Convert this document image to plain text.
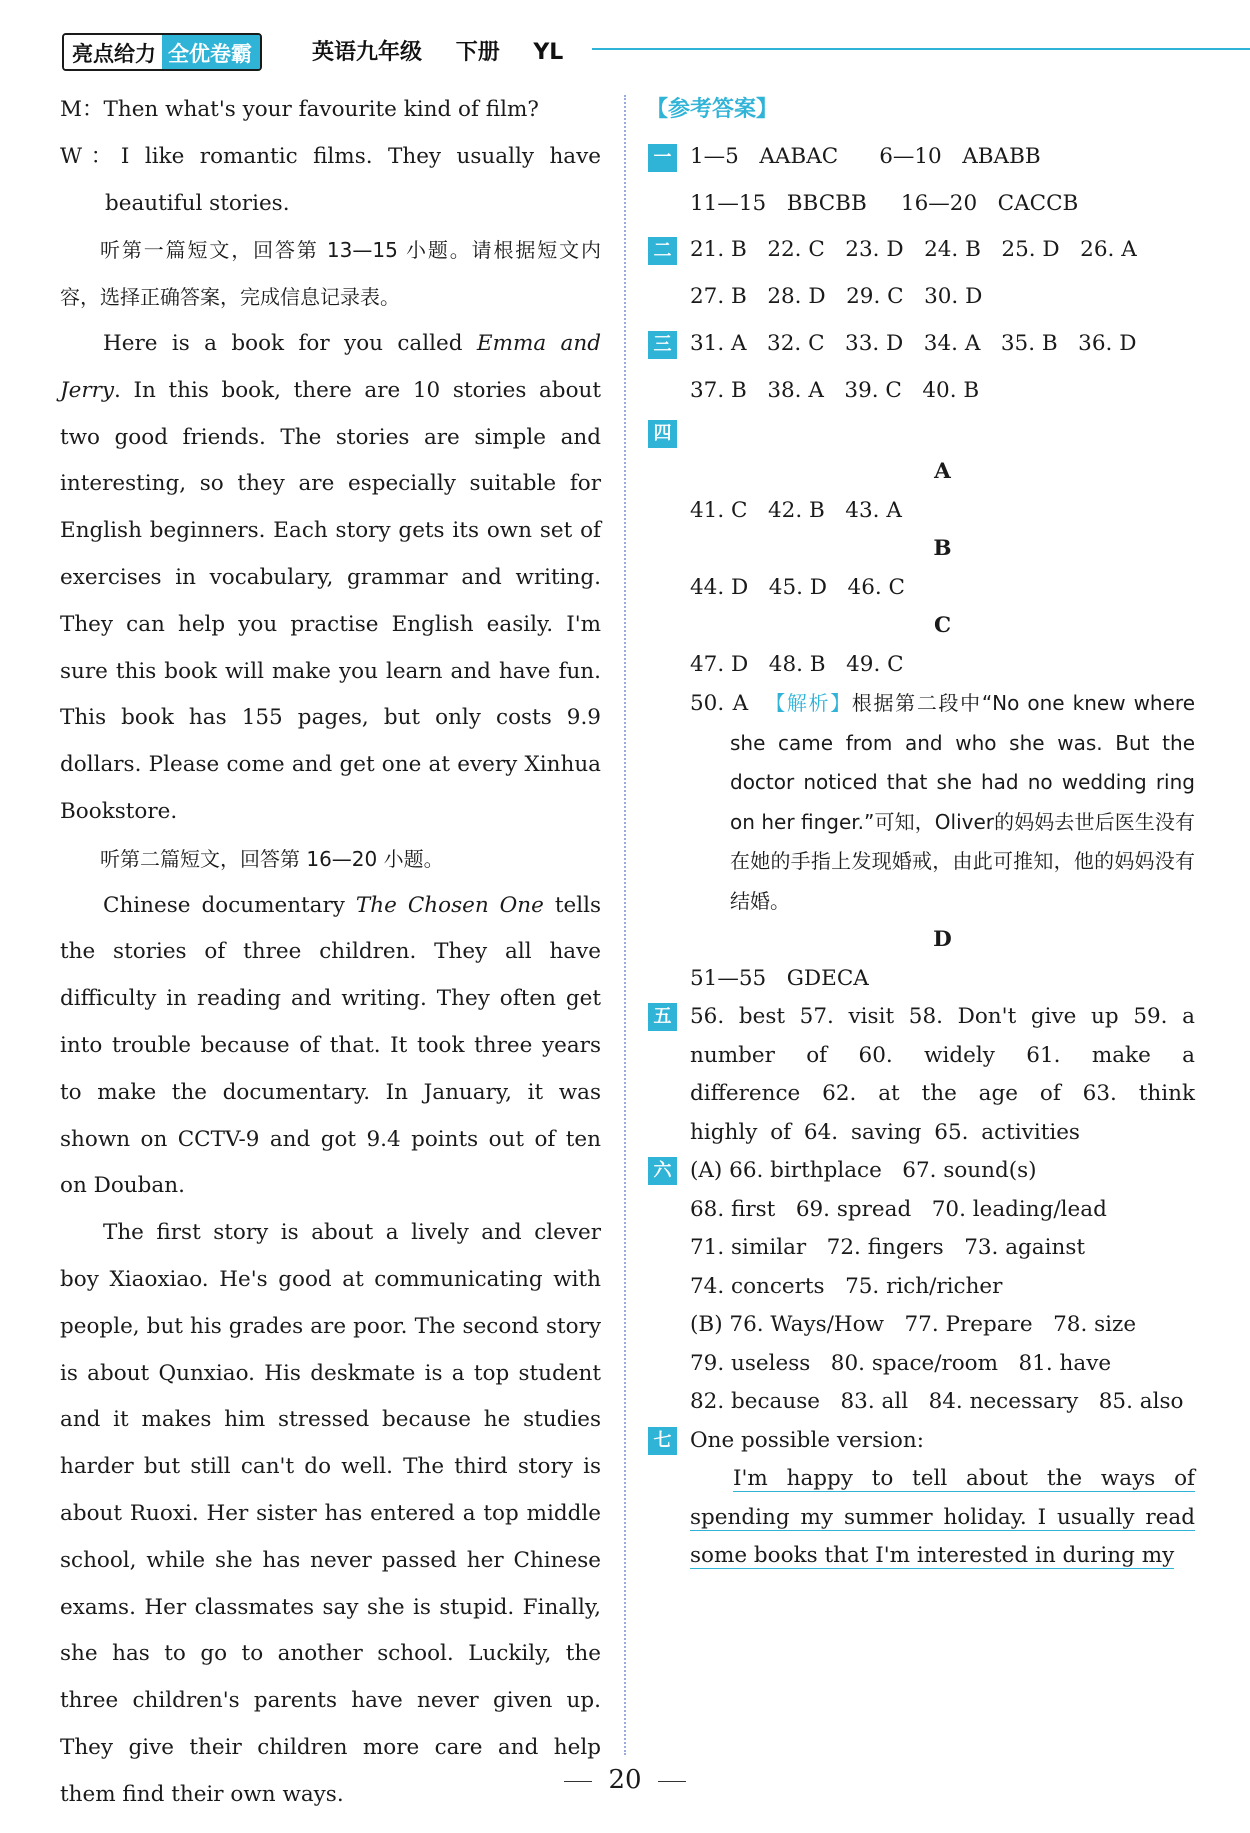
亮点给力 全优卷霸	英语九年级 下册 YL

M：Then what's your favourite kind of film?

W：I like romantic films. They usually have beautiful stories.

听第一篇短文，回答第 13—15 小题。请根据短文内容，选择正确答案，完成信息记录表。

Here is a book for you called Emma and Jerry. In this book, there are 10 stories about two good friends. The stories are simple and interesting, so they are especially suitable for English beginners. Each story gets its own set of exercises in vocabulary, grammar and writing. They can help you practise English easily. I'm sure this book will make you learn and have fun. This book has 155 pages, but only costs 9.9 dollars. Please come and get one at every Xinhua Bookstore.

听第二篇短文，回答第 16—20 小题。

Chinese documentary The Chosen One tells the stories of three children. They all have difficulty in reading and writing. They often get into trouble because of that. It took three years to make the documentary. In January, it was shown on CCTV-9 and got 9.4 points out of ten on Douban.

The first story is about a lively and clever boy Xiaoxiao. He's good at communicating with people, but his grades are poor. The second story is about Qunxiao. His deskmate is a top student and it makes him stressed because he studies harder but still can't do well. The third story is about Ruoxi. Her sister has entered a top middle school, while she has never passed her Chinese exams. Her classmates say she is stupid. Finally, she has to go to another school. Luckily, the three children's parents have never given up. They give their children more care and help them find their own ways.

【参考答案】
一 1—5   AABAC      6—10   ABABB

11—15   BBCBB     16—20   CACCB

二 21. B   22. C   23. D   24. B   25. D   26. A

27. B   28. D   29. C   30. D

三 31. A   32. C   33. D   34. A   35. B   36. D

37. B   38. A   39. C   40. B

四

A

41. C   42. B   43. A

B

44. D   45. D   46. C

C

47. D   48. B   49. C

50. A 【解析】根据第二段中“No one knew where she came from and who she was. But the doctor noticed that she had no wedding ring on her finger.”可知，Oliver的妈妈去世后医生没有在她的手指上发现婚戒，由此可推知，他的妈妈没有结婚。

D

51—55   GDECA

五 56. best 57. visit 58. Don't give up 59. a number of 60. widely 61. make a difference 62. at the age of 63. think highly of 64. saving 65. activities

六 (A) 66. birthplace   67. sound(s)

68. first   69. spread   70. leading/lead

71. similar   72. fingers   73. against

74. concerts   75. rich/richer

(B) 76. Ways/How   77. Prepare   78. size

79. useless   80. space/room   81. have

82. because   83. all   84. necessary   85. also

七 One possible version:

I'm happy to tell about the ways of spending my summer holiday. I usually read some books that I'm interested in during my

20
